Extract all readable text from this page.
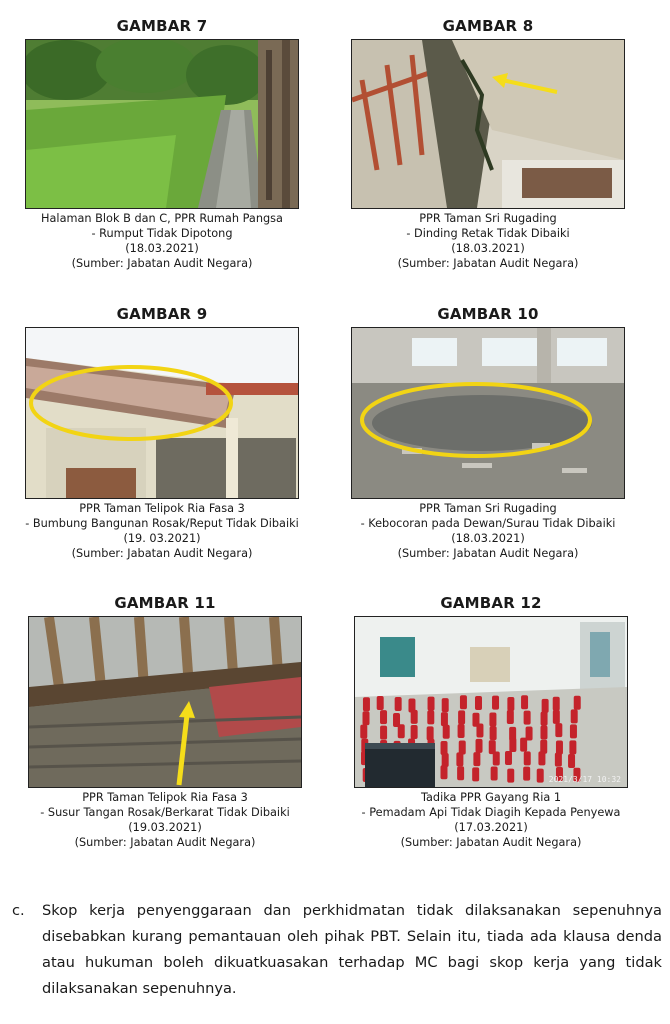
GAMBAR 7
Halaman Blok B dan C, PPR Rumah Pangsa
- Rumput Tidak Dipotong
(18.03.2021)
(Sumber: Jabatan Audit Negara)
GAMBAR 8
PPR Taman Sri Rugading
- Dinding Retak Tidak Dibaiki
(18.03.2021)
(Sumber: Jabatan Audit Negara)
GAMBAR 9
PPR Taman Telipok Ria Fasa 3
- Bumbung Bangunan Rosak/Reput Tidak Dibaiki
(19. 03.2021)
(Sumber: Jabatan Audit Negara)
GAMBAR 10
PPR Taman Sri Rugading
- Kebocoran pada Dewan/Surau Tidak Dibaiki
(18.03.2021)
(Sumber: Jabatan Audit Negara)
GAMBAR 11
PPR Taman Telipok Ria Fasa 3
- Susur Tangan Rosak/Berkarat Tidak Dibaiki
(19.03.2021)
(Sumber: Jabatan Audit Negara)
GAMBAR 12
2021/3/17 10:32
Tadika PPR Gayang Ria 1
- Pemadam Api Tidak Diagih Kepada Penyewa
(17.03.2021)
(Sumber: Jabatan Audit Negara)
c. Skop kerja penyenggaraan dan perkhidmatan tidak dilaksanakan sepenuhnya disebabkan kurang pemantauan oleh pihak PBT. Selain itu, tiada ada klausa denda atau hukuman boleh dikuatkuasakan terhadap MC bagi skop kerja yang tidak dilaksanakan sepenuhnya.
